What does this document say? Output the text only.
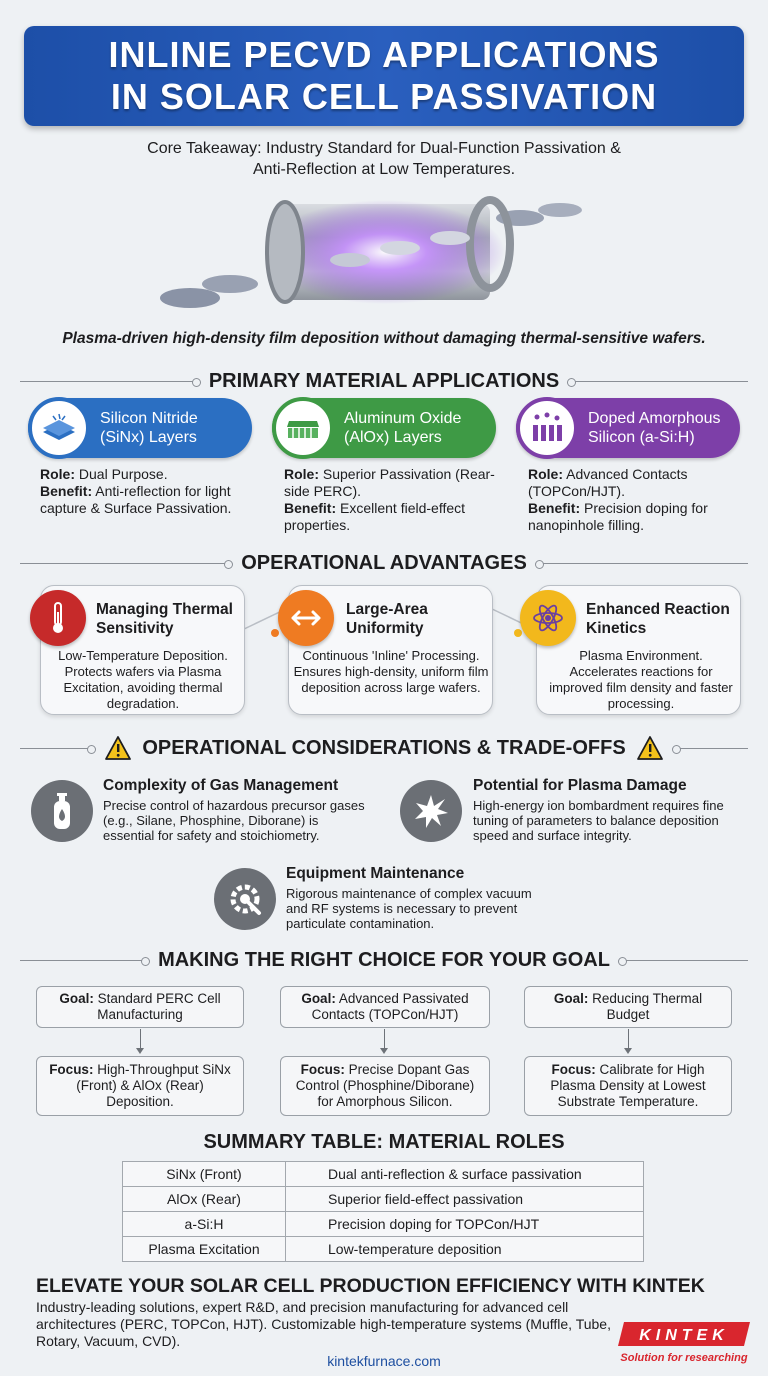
INLINE PECVD APPLICATIONS
IN SOLAR CELL PASSIVATION
Core Takeaway: Industry Standard for Dual-Function Passivation &
Anti-Reflection at Low Temperatures.
Plasma-driven high-density film deposition without damaging thermal-sensitive wafers.
PRIMARY MATERIAL APPLICATIONS
Silicon Nitride
(SiNx) Layers
Role: Dual Purpose.
Benefit: Anti-reflection for light capture & Surface Passivation.
Aluminum Oxide
(AlOx) Layers
Role: Superior Passivation (Rear-side PERC).
Benefit: Excellent field-effect properties.
Doped Amorphous
Silicon (a-Si:H)
Role: Advanced Contacts (TOPCon/HJT).
Benefit: Precision doping for nanopinhole filling.
OPERATIONAL ADVANTAGES
Managing Thermal
Sensitivity
Low-Temperature Deposition. Protects wafers via Plasma Excitation, avoiding thermal degradation.
Large-Area
Uniformity
Continuous 'Inline' Processing. Ensures high-density, uniform film deposition across large wafers.
Enhanced Reaction
Kinetics
Plasma Environment. Accelerates reactions for improved film density and faster processing.
OPERATIONAL CONSIDERATIONS & TRADE-OFFS
Complexity of Gas Management
Precise control of hazardous precursor gases (e.g., Silane, Phosphine, Diborane) is essential for safety and stoichiometry.
Potential for Plasma Damage
High-energy ion bombardment requires fine tuning of parameters to balance deposition speed and surface integrity.
Equipment Maintenance
Rigorous maintenance of complex vacuum and RF systems is necessary to prevent particulate contamination.
MAKING THE RIGHT CHOICE FOR YOUR GOAL
Goal: Standard PERC Cell Manufacturing
Focus: High-Throughput SiNx (Front) & AlOx (Rear) Deposition.
Goal: Advanced Passivated Contacts (TOPCon/HJT)
Focus: Precise Dopant Gas Control (Phosphine/Diborane) for Amorphous Silicon.
Goal: Reducing Thermal Budget
Focus: Calibrate for High Plasma Density at Lowest Substrate Temperature.
SUMMARY TABLE: MATERIAL ROLES
SiNx (Front)	Dual anti-reflection & surface passivation
AlOx (Rear)	Superior field-effect passivation
a-Si:H	Precision doping for TOPCon/HJT
Plasma Excitation	Low-temperature deposition
ELEVATE YOUR SOLAR CELL PRODUCTION EFFICIENCY WITH KINTEK
Industry-leading solutions, expert R&D, and precision manufacturing for advanced cell architectures (PERC, TOPCon, HJT). Customizable high-temperature systems (Muffle, Tube, Rotary, Vacuum, CVD).
kintekfurnace.com
KINTEK
Solution for researching
